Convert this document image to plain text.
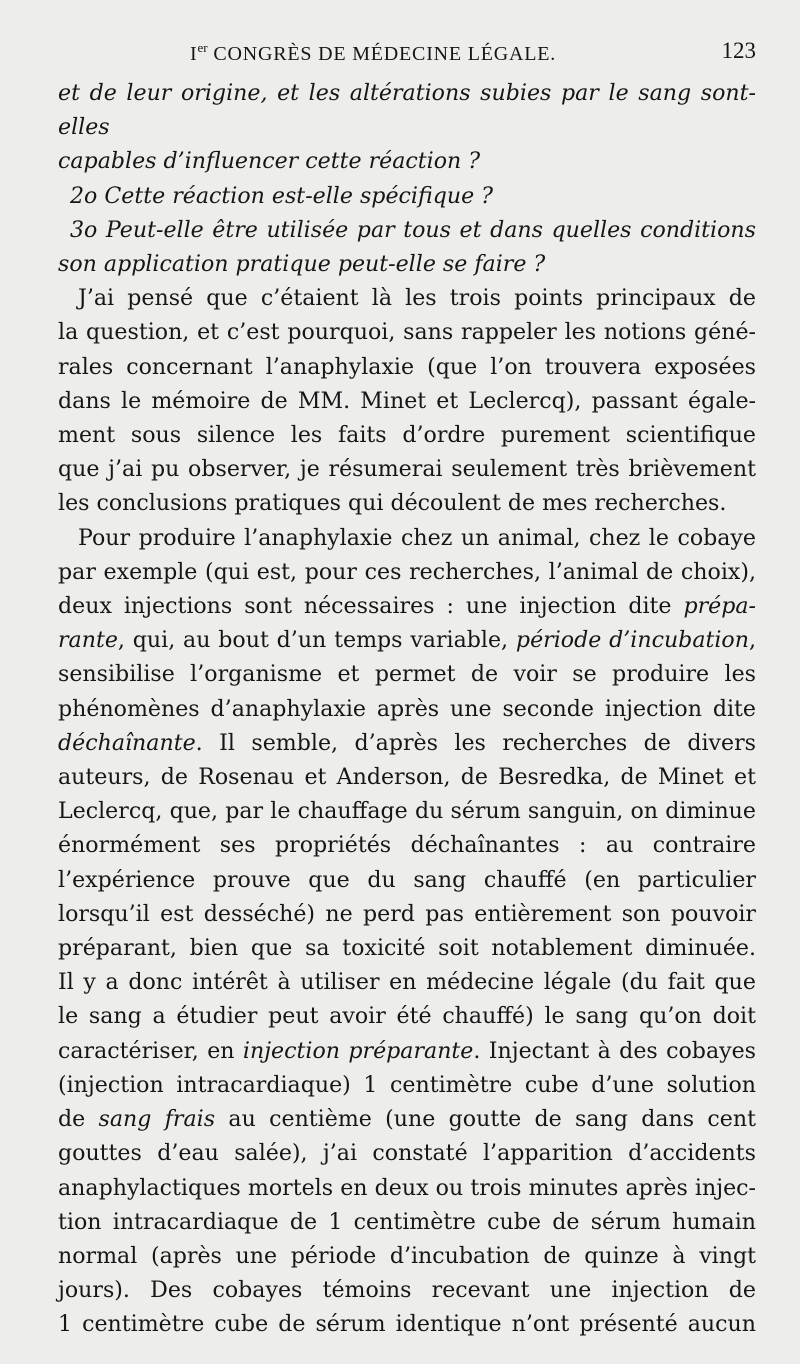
Ier CONGRÈS DE MÉDECINE LÉGALE.	123

et de leur origine, et les altérations subies par le sang sont-elles

capables d’influencer cette réaction ?

2o Cette réaction est-elle spécifique ?

3o Peut-elle être utilisée par tous et dans quelles conditions

son application pratique peut-elle se faire ?

J’ai pensé que c’étaient là les trois points principaux de

la question, et c’est pourquoi, sans rappeler les notions géné-

rales concernant l’anaphylaxie (que l’on trouvera exposées

dans le mémoire de MM. Minet et Leclercq), passant égale-

ment sous silence les faits d’ordre purement scientifique

que j’ai pu observer, je résumerai seulement très brièvement

les conclusions pratiques qui découlent de mes recherches.

Pour produire l’anaphylaxie chez un animal, chez le cobaye

par exemple (qui est, pour ces recherches, l’animal de choix),

deux injections sont nécessaires : une injection dite prépa-

rante, qui, au bout d’un temps variable, période d’incubation,

sensibilise l’organisme et permet de voir se produire les

phénomènes d’anaphylaxie après une seconde injection dite

déchaînante. Il semble, d’après les recherches de divers

auteurs, de Rosenau et Anderson, de Besredka, de Minet et

Leclercq, que, par le chauffage du sérum sanguin, on diminue

énormément ses propriétés déchaînantes : au contraire

l’expérience prouve que du sang chauffé (en particulier

lorsqu’il est desséché) ne perd pas entièrement son pouvoir

préparant, bien que sa toxicité soit notablement diminuée.

Il y a donc intérêt à utiliser en médecine légale (du fait que

le sang a étudier peut avoir été chauffé) le sang qu’on doit

caractériser, en injection préparante. Injectant à des cobayes

(injection intracardiaque) 1 centimètre cube d’une solution

de sang frais au centième (une goutte de sang dans cent

gouttes d’eau salée), j’ai constaté l’apparition d’accidents

anaphylactiques mortels en deux ou trois minutes après injec-

tion intracardiaque de 1 centimètre cube de sérum humain

normal (après une période d’incubation de quinze à vingt

jours). Des cobayes témoins recevant une injection de

1 centimètre cube de sérum identique n’ont présenté aucun
